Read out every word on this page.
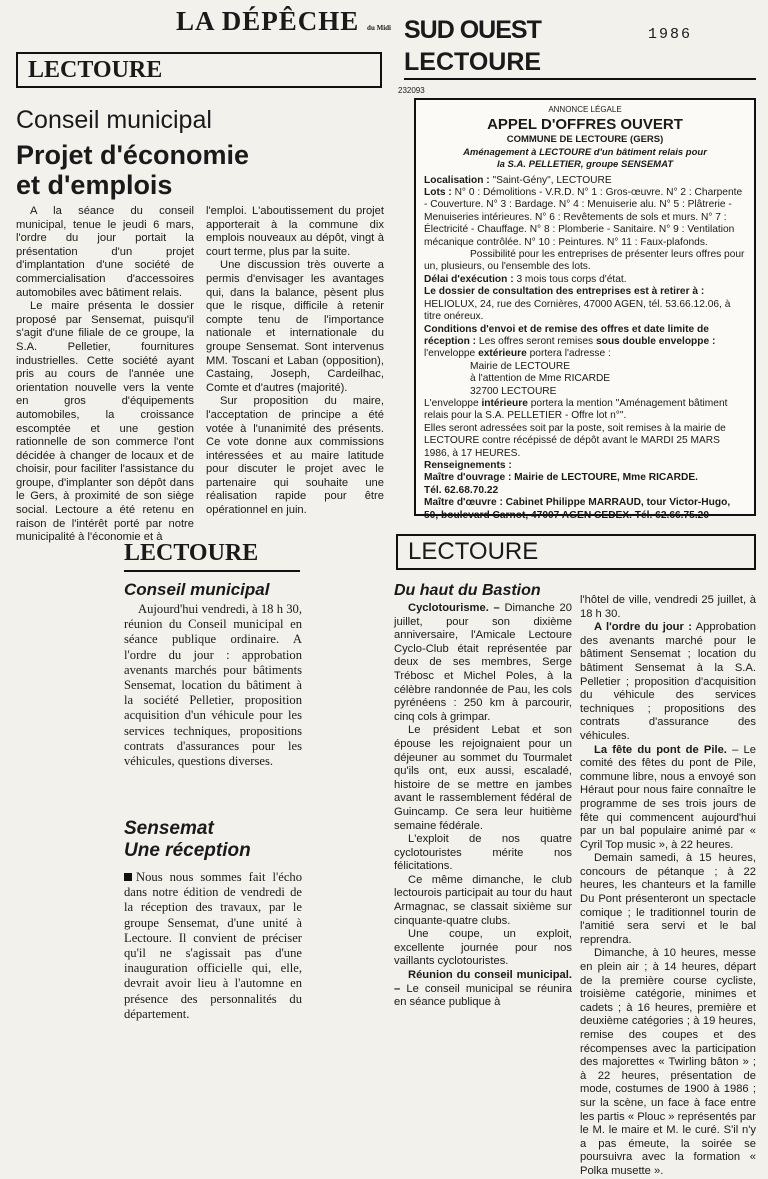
LA DÉPÊCHE du Midi SUD OUEST	1986
LECTOURE
Conseil municipal
Projet d'économie
et d'emplois

A la séance du conseil municipal, tenue le jeudi 6 mars, l'ordre du jour portait la présentation d'un projet d'implantation d'une société de commercialisation d'accessoires automobiles avec bâtiment relais.

Le maire présenta le dossier proposé par Sensemat, puisqu'il s'agit d'une filiale de ce groupe, la S.A. Pelletier, fournitures industrielles. Cette société ayant pris au cours de l'année une orientation nouvelle vers la vente en gros d'équipements automobiles, la croissance escomptée et une gestion rationnelle de son commerce l'ont décidée à changer de locaux et de choisir, pour faciliter l'assistance du groupe, d'implanter son dépôt dans le Gers, à proximité de son siège social. Lectoure a été retenu en raison de l'intérêt porté par notre municipalité à l'économie et à

l'emploi. L'aboutissement du projet apporterait à la commune dix emplois nouveaux au dépôt, vingt à court terme, plus par la suite.

Une discussion très ouverte a permis d'envisager les avantages qui, dans la balance, pèsent plus que le risque, difficile à retenir compte tenu de l'importance nationale et internationale du groupe Sensemat. Sont intervenus MM. Toscani et Laban (opposition), Castaing, Joseph, Cardeilhac, Comte et d'autres (majorité).

Sur proposition du maire, l'acceptation de principe a été votée à l'unanimité des présents. Ce vote donne aux commissions intéressées et au maire latitude pour discuter le projet avec le partenaire qui souhaite une réalisation rapide pour être opérationnel en juin.

LECTOURE
232093
ANNONCE LÉGALE
APPEL D'OFFRES OUVERT
COMMUNE DE LECTOURE (GERS)
Aménagement à LECTOURE d'un bâtiment relais pour
la S.A. PELLETIER, groupe SENSEMAT

Localisation : "Saint-Gény", LECTOURE

Lots : N° 0 : Démolitions - V.R.D. N° 1 : Gros-œuvre. N° 2 : Charpente - Couverture. N° 3 : Bardage. N° 4 : Menuiserie alu. N° 5 : Plâtrerie - Menuiseries intérieures. N° 6 : Revêtements de sols et murs. N° 7 : Électricité - Chauffage. N° 8 : Plomberie - Sanitaire. N° 9 : Ventilation mécanique contrôlée. N° 10 : Peintures. N° 11 : Faux-plafonds.

Possibilité pour les entreprises de présenter leurs offres pour un, plusieurs, ou l'ensemble des lots.

Délai d'exécution : 3 mois tous corps d'état.

Le dossier de consultation des entreprises est à retirer à : HELIOLUX, 24, rue des Cornières, 47000 AGEN, tél. 53.66.12.06, à titre onéreux.

Conditions d'envoi et de remise des offres et date limite de réception : Les offres seront remises sous double enveloppe : l'enveloppe extérieure portera l'adresse :

Mairie de LECTOURE

à l'attention de Mme RICARDE

32700 LECTOURE

L'enveloppe intérieure portera la mention "Aménagement bâtiment relais pour la S.A. PELLETIER - Offre lot n°".

Elles seront adressées soit par la poste, soit remises à la mairie de LECTOURE contre récépissé de dépôt avant le MARDI 25 MARS 1986, à 17 HEURES.

Renseignements :

Maître d'ouvrage : Mairie de LECTOURE, Mme RICARDE.

Tél. 62.68.70.22

Maître d'œuvre : Cabinet Philippe MARRAUD, tour Victor-Hugo,

50, boulevard Carnot, 47007 AGEN CEDEX. Tél. 62.66.75.20

LECTOURE
Conseil municipal

Aujourd'hui vendredi, à 18 h 30, réunion du Conseil municipal en séance publique ordinaire. A l'ordre du jour : approbation avenants marchés pour bâtiments Sensemat, location du bâtiment à la société Pelletier, proposition acquisition d'un véhicule pour les services techniques, propositions contrats d'assurances pour les véhicules, questions diverses.

Sensemat
Une réception

Nous nous sommes fait l'écho dans notre édition de vendredi de la réception des travaux, par le groupe Sensemat, d'une unité à Lectoure. Il convient de préciser qu'il ne s'agissait pas d'une inauguration officielle qui, elle, devrait avoir lieu à l'automne en présence des personnalités du département.

LECTOURE
Du haut du Bastion

Cyclotourisme. – Dimanche 20 juillet, pour son dixième anniversaire, l'Amicale Lectoure Cyclo-Club était représentée par deux de ses membres, Serge Trébosc et Michel Poles, à la célèbre randonnée de Pau, les cols pyrénéens : 250 km à parcourir, cinq cols à grimpar.

Le président Lebat et son épouse les rejoignaient pour un déjeuner au sommet du Tourmalet qu'ils ont, eux aussi, escaladé, histoire de se mettre en jambes avant le rassemblement fédéral de Guincamp. Ce sera leur huitième semaine fédérale.

L'exploit de nos quatre cyclotouristes mérite nos félicitations.

Ce même dimanche, le club lectourois participait au tour du haut Armagnac, se classait sixième sur cinquante-quatre clubs.

Une coupe, un exploit, excellente journée pour nos vaillants cyclotouristes.

Réunion du conseil municipal. – Le conseil municipal se réunira en séance publique à

l'hôtel de ville, vendredi 25 juillet, à 18 h 30.

A l'ordre du jour : Approbation des avenants marché pour le bâtiment Sensemat ; location du bâtiment Sensemat à la S.A. Pelletier ; proposition d'acquisition du véhicule des services techniques ; propositions des contrats d'assurance des véhicules.

La fête du pont de Pile. – Le comité des fêtes du pont de Pile, commune libre, nous a envoyé son Héraut pour nous faire connaître le programme de ses trois jours de fête qui commencent aujourd'hui par un bal populaire animé par « Cyril Top music », à 22 heures.

Demain samedi, à 15 heures, concours de pétanque ; à 22 heures, les chanteurs et la famille Du Pont présenteront un spectacle comique ; le traditionnel tourin de l'amitié sera servi et le bal reprendra.

Dimanche, à 10 heures, messe en plein air ; à 14 heures, départ de la première course cycliste, troisième catégorie, minimes et cadets ; à 16 heures, première et deuxième catégories ; à 19 heures, remise des coupes et des récompenses avec la participation des majorettes « Twirling bâton » ; à 22 heures, présentation de mode, costumes de 1900 à 1986 ; sur la scène, un face à face entre les partis « Plouc » représentés par le M. le maire et M. le curé. S'il n'y a pas émeute, la soirée se poursuivra avec la formation « Polka musette ».
